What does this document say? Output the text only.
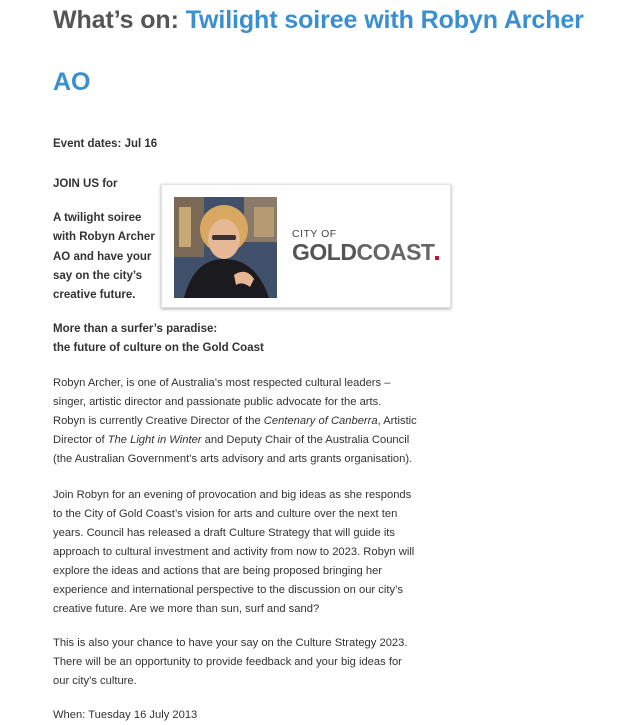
What’s on: Twilight soiree with Robyn Archer
AO

Event dates: Jul 16

JOIN US for

A twilight soiree
with Robyn Archer
AO and have your
say on the city’s
creative future.

CITY OF
GOLDCOAST

More than a surfer’s paradise:
the future of culture on the Gold Coast

Robyn Archer, is one of Australia’s most respected cultural leaders –
singer, artistic director and passionate public advocate for the arts.
Robyn is currently Creative Director of the Centenary of Canberra, Artistic
Director of The Light in Winter and Deputy Chair of the Australia Council
(the Australian Government’s arts advisory and arts grants organisation).

Join Robyn for an evening of provocation and big ideas as she responds
to the City of Gold Coast’s vision for arts and culture over the next ten
years. Council has released a draft Culture Strategy that will guide its
approach to cultural investment and activity from now to 2023. Robyn will
explore the ideas and actions that are being proposed bringing her
experience and international perspective to the discussion on our city’s
creative future. Are we more than sun, surf and sand?

This is also your chance to have your say on the Culture Strategy 2023.
There will be an opportunity to provide feedback and your big ideas for
our city’s culture.

When: Tuesday 16 July 2013
